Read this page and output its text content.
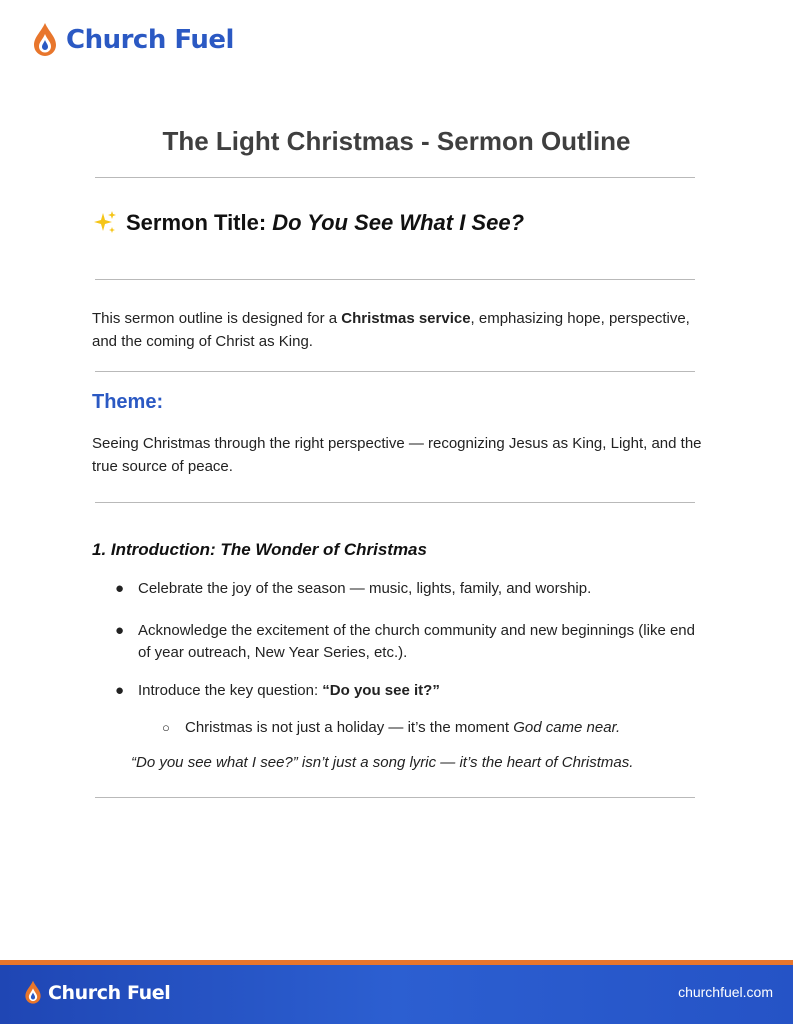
Church Fuel
The Light Christmas - Sermon Outline
Sermon Title: Do You See What I See?
This sermon outline is designed for a Christmas service, emphasizing hope, perspective, and the coming of Christ as King.
Theme:
Seeing Christmas through the right perspective — recognizing Jesus as King, Light, and the true source of peace.
1. Introduction: The Wonder of Christmas
● Celebrate the joy of the season — music, lights, family, and worship.
● Acknowledge the excitement of the church community and new beginnings (like end of year outreach, New Year Series, etc.).
● Introduce the key question: “Do you see it?”
○ Christmas is not just a holiday — it’s the moment God came near.
“Do you see what I see?” isn’t just a song lyric — it’s the heart of Christmas.
Church Fuel	churchfuel.com
